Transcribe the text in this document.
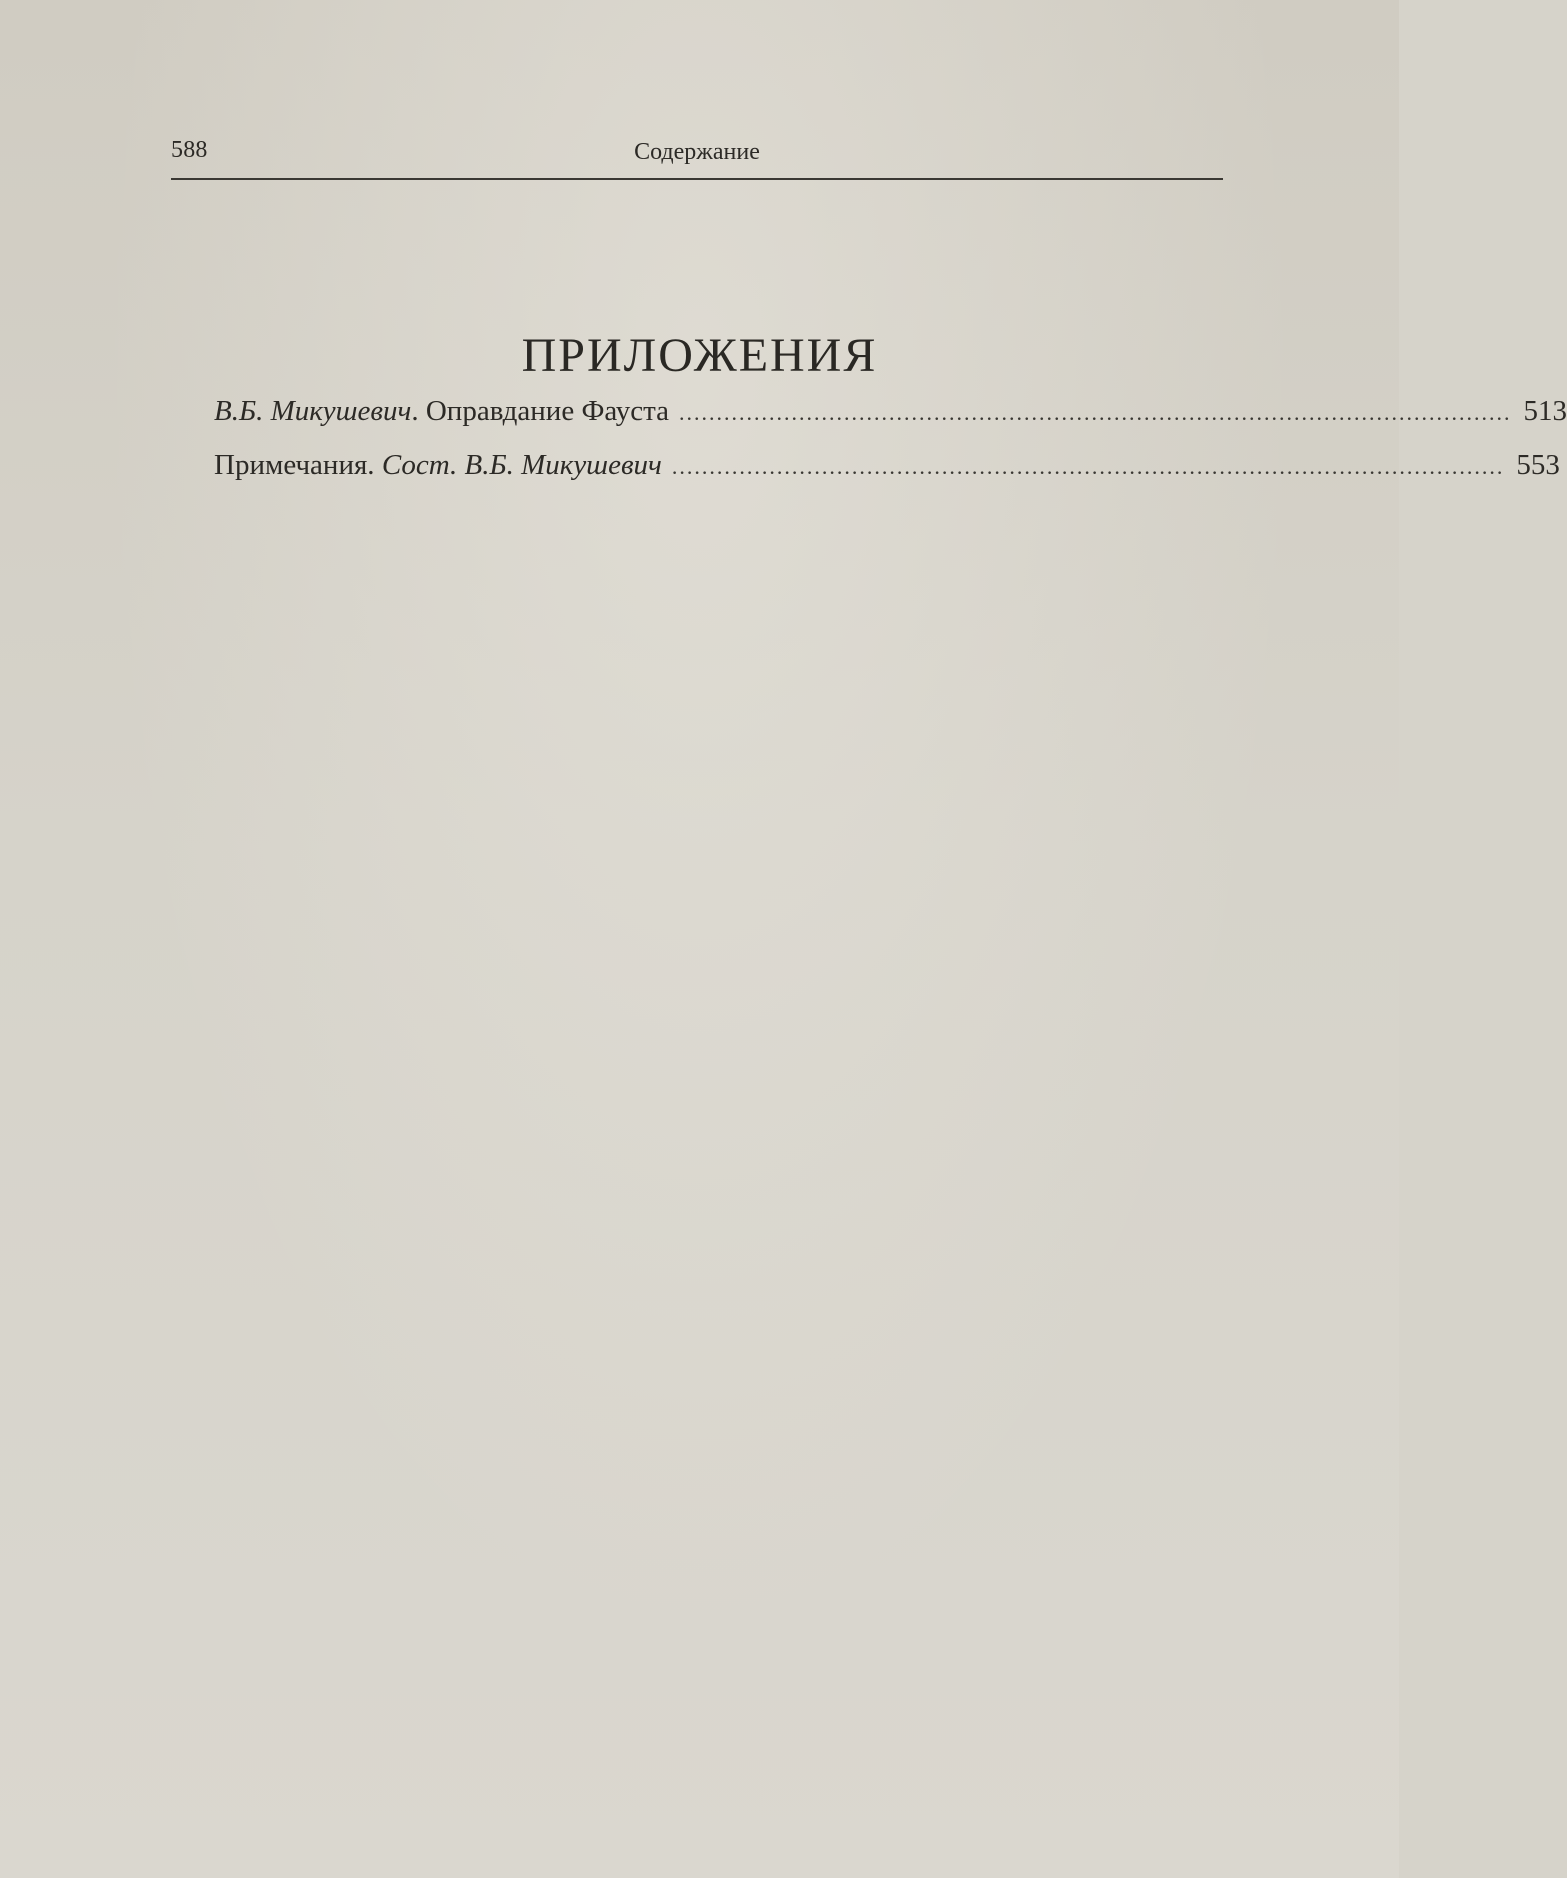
588	Содержание
ПРИЛОЖЕНИЯ
В.Б. Микушевич. Оправдание Фауста ............................................................................................................... 513
Примечания. Сост. В.Б. Микушевич ............................................................................................................... 553
